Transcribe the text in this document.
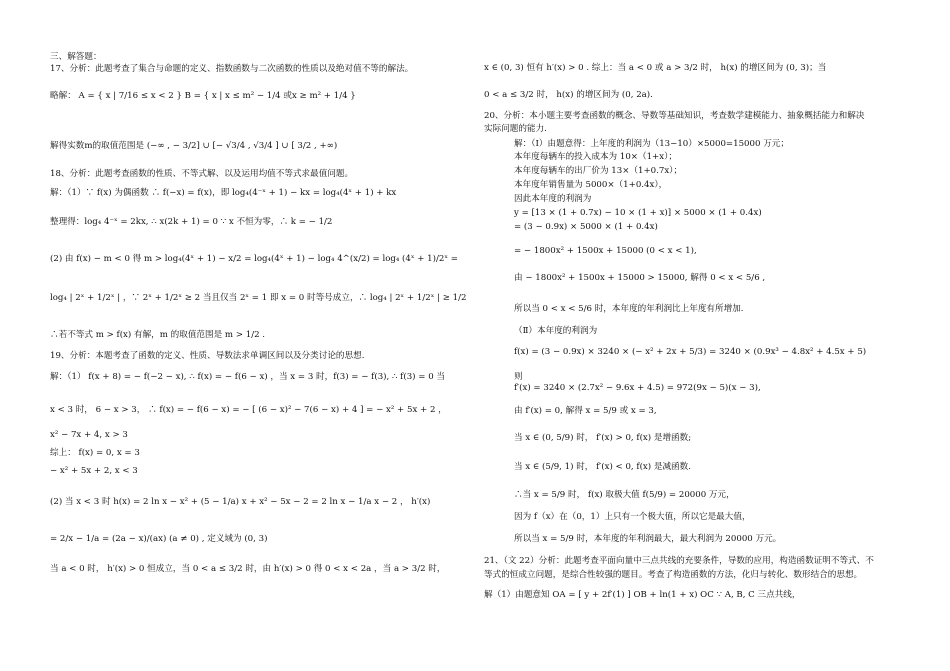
三、解答题：
17、分析：此题考查了集合与命题的定义、指数函数与二次函数的性质以及绝对值不等的解法。
略解： A = { x | 7/16 ≤ x < 2 } B = { x | x ≤ m² − 1/4 或x ≥ m² + 1/4 }
解得实数m的取值范围是 (−∞ , − 3/2] ∪ [− √3/4 , √3/4 ] ∪ [ 3/2 , +∞)
18、分析：此题考查函数的性质、不等式解、以及运用均值不等式求最值问题。
解：（1）∵ f(x) 为偶函数 ∴ f(−x) = f(x)，即 log₄(4⁻ˣ + 1) − kx = log₄(4ˣ + 1) + kx
整理得：log₄ 4⁻ˣ = 2kx, ∴ x(2k + 1) = 0 ∵ x 不恒为零，∴ k = − 1/2
(2) 由 f(x) − m < 0 得 m > log₄(4ˣ + 1) − x/2 = log₄(4ˣ + 1) − log₄ 4^(x/2) = log₄ (4ˣ + 1)/2ˣ =
log₄ | 2ˣ + 1/2ˣ | ，∵ 2ˣ + 1/2ˣ ≥ 2 当且仅当 2ˣ = 1 即 x = 0 时等号成立，∴ log₄ | 2ˣ + 1/2ˣ | ≥ 1/2
∴若不等式 m > f(x) 有解，m 的取值范围是 m > 1/2 .
19、分析：本题考查了函数的定义、性质、导数法求单调区间以及分类讨论的思想.
解：（1） f(x + 8) = − f(−2 − x), ∴ f(x) = − f(6 − x) ，当 x = 3 时，f(3) = − f(3), ∴ f(3) = 0 当
x < 3 时， 6 − x > 3， ∴ f(x) = − f(6 − x) = − [ (6 − x)² − 7(6 − x) + 4 ] = − x² + 5x + 2 ，
x² − 7x + 4, x > 3
综上： f(x) = 0, x = 3
− x² + 5x + 2, x < 3
(2) 当 x < 3 时 h(x) = 2 ln x − x² + (5 − 1/a) x + x² − 5x − 2 = 2 ln x − 1/a x − 2 ， h′(x)
= 2/x − 1/a = (2a − x)/(ax) (a ≠ 0) , 定义域为 (0, 3)
当 a < 0 时， h′(x) > 0 恒成立，当 0 < a ≤ 3/2 时，由 h′(x) > 0 得 0 < x < 2a ，当 a > 3/2 时，
x ∈ (0, 3) 恒有 h′(x) > 0 . 综上：当 a < 0 或 a > 3/2 时， h(x) 的增区间为 (0, 3)；当
0 < a ≤ 3/2 时， h(x) 的增区间为 (0, 2a).
20、分析：本小题主要考查函数的概念、导数等基础知识，考查数学建模能力、抽象概括能力和解决
实际问题的能力.
解：（I）由题意得：上年度的利润为（13−10）×5000=15000 万元；
本年度每辆车的投入成本为 10×（1+x）；
本年度每辆车的出厂价为 13×（1+0.7x）；
本年度年销售量为 5000×（1+0.4x），
因此本年度的利润为
y = [13 × (1 + 0.7x) − 10 × (1 + x)] × 5000 × (1 + 0.4x)
= (3 − 0.9x) × 5000 × (1 + 0.4x)
= − 1800x² + 1500x + 15000 (0 < x < 1),
由 − 1800x² + 1500x + 15000 > 15000, 解得 0 < x < 5/6 ,
所以当 0 < x < 5/6 时，本年度的年利润比上年度有所增加.
（Ⅱ）本年度的利润为
f(x) = (3 − 0.9x) × 3240 × (− x² + 2x + 5/3) = 3240 × (0.9x³ − 4.8x² + 4.5x + 5)
则
f′(x) = 3240 × (2.7x² − 9.6x + 4.5) = 972(9x − 5)(x − 3),
由 f′(x) = 0, 解得 x = 5/9 或 x = 3,
当 x ∈ (0, 5/9) 时， f′(x) > 0, f(x) 是增函数;
当 x ∈ (5/9, 1) 时， f′(x) < 0, f(x) 是减函数.
∴当 x = 5/9 时， f(x) 取极大值 f(5/9) = 20000 万元，
因为 f（x）在（0，1）上只有一个极大值，所以它是最大值，
所以当 x = 5/9 时，本年度的年利润最大，最大利润为 20000 万元。
21、（文 22）分析：此题考查平面向量中三点共线的充要条件，导数的应用，构造函数证明不等式、不
等式的恒成立问题，是综合性较强的题目。考查了构造函数的方法，化归与转化、数形结合的思想。
解（1）由题意知 OA = [ y + 2f′(1) ] OB + ln(1 + x) OC ∵ A, B, C 三点共线，
